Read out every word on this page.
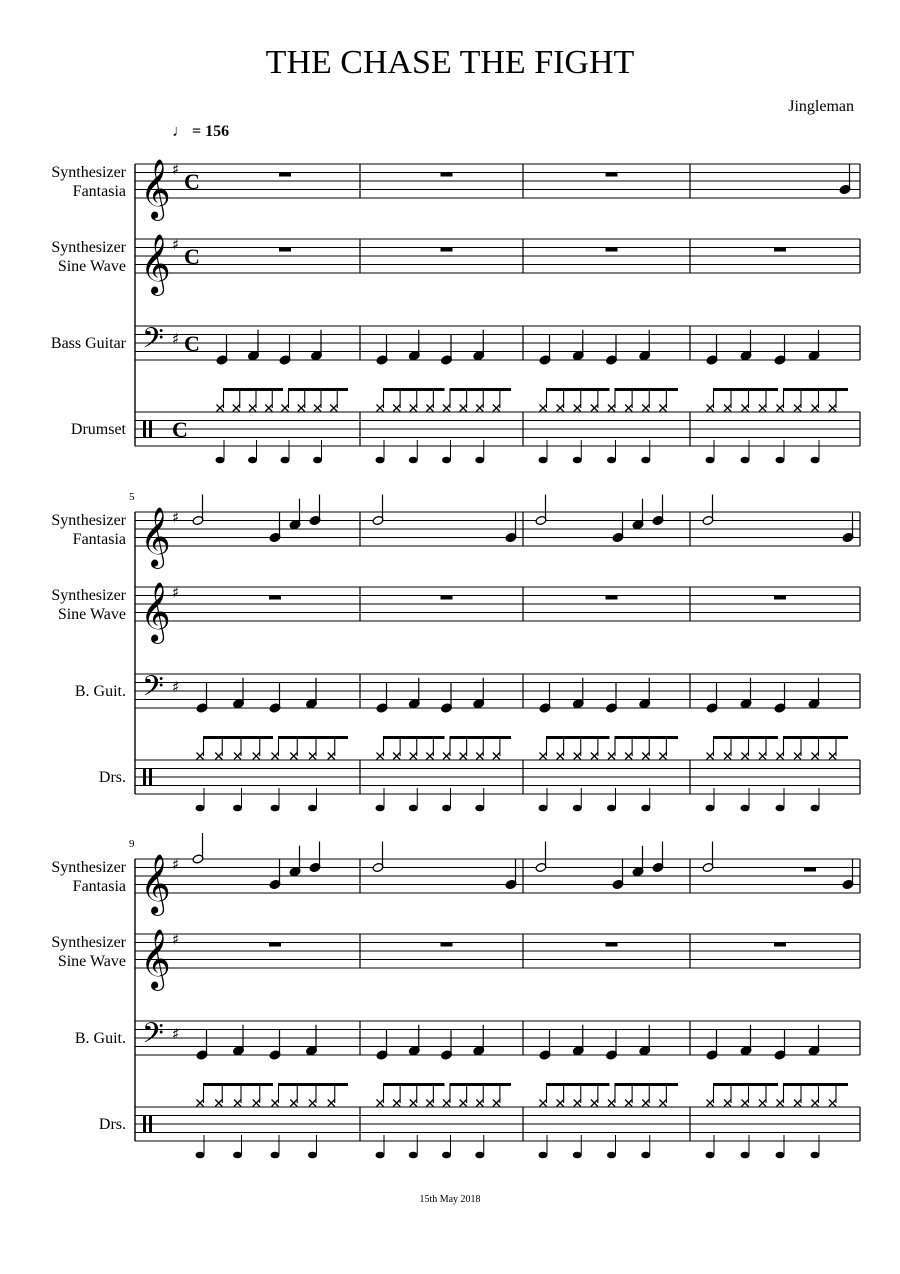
THE CHASE THE FIGHT
Jingleman
♩ = 156
Synthesizer Fantasia 𝄞 ♯ C
Synthesizer Sine Wave 𝄞 ♯ C
Bass Guitar 𝄢 ♯ C
Drumset C
5
Synthesizer Fantasia 𝄞 ♯
Synthesizer Sine Wave 𝄞 ♯
B. Guit. 𝄢 ♯
Drs.
9
Synthesizer Fantasia 𝄞 ♯
Synthesizer Sine Wave 𝄞 ♯
B. Guit. 𝄢 ♯
Drs.
15th May 2018
